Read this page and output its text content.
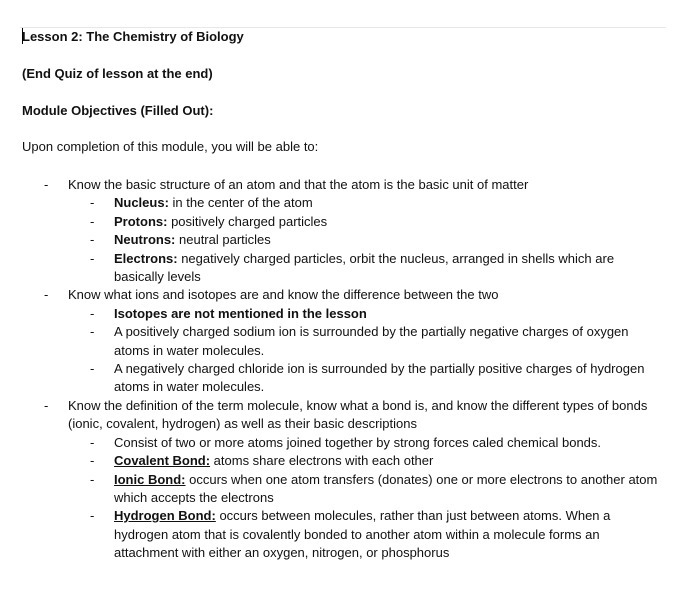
Lesson 2: The Chemistry of Biology

(End Quiz of lesson at the end)

Module Objectives (Filled Out):

Upon completion of this module, you will be able to:

- Know the basic structure of an atom and that the atom is the basic unit of matter
- Nucleus: in the center of the atom
- Protons: positively charged particles
- Neutrons: neutral particles
- Electrons: negatively charged particles, orbit the nucleus, arranged in shells which are basically levels
- Know what ions and isotopes are and know the difference between the two
- Isotopes are not mentioned in the lesson
- A positively charged sodium ion is surrounded by the partially negative charges of oxygen atoms in water molecules.
- A negatively charged chloride ion is surrounded by the partially positive charges of hydrogen atoms in water molecules.
- Know the definition of the term molecule, know what a bond is, and know the different types of bonds (ionic, covalent, hydrogen) as well as their basic descriptions
- Consist of two or more atoms joined together by strong forces caled chemical bonds.
- Covalent Bond: atoms share electrons with each other
- Ionic Bond: occurs when one atom transfers (donates) one or more electrons to another atom which accepts the electrons
- Hydrogen Bond: occurs between molecules, rather than just between atoms. When a hydrogen atom that is covalently bonded to another atom within a molecule forms an attachment with either an oxygen, nitrogen, or phosphorus
